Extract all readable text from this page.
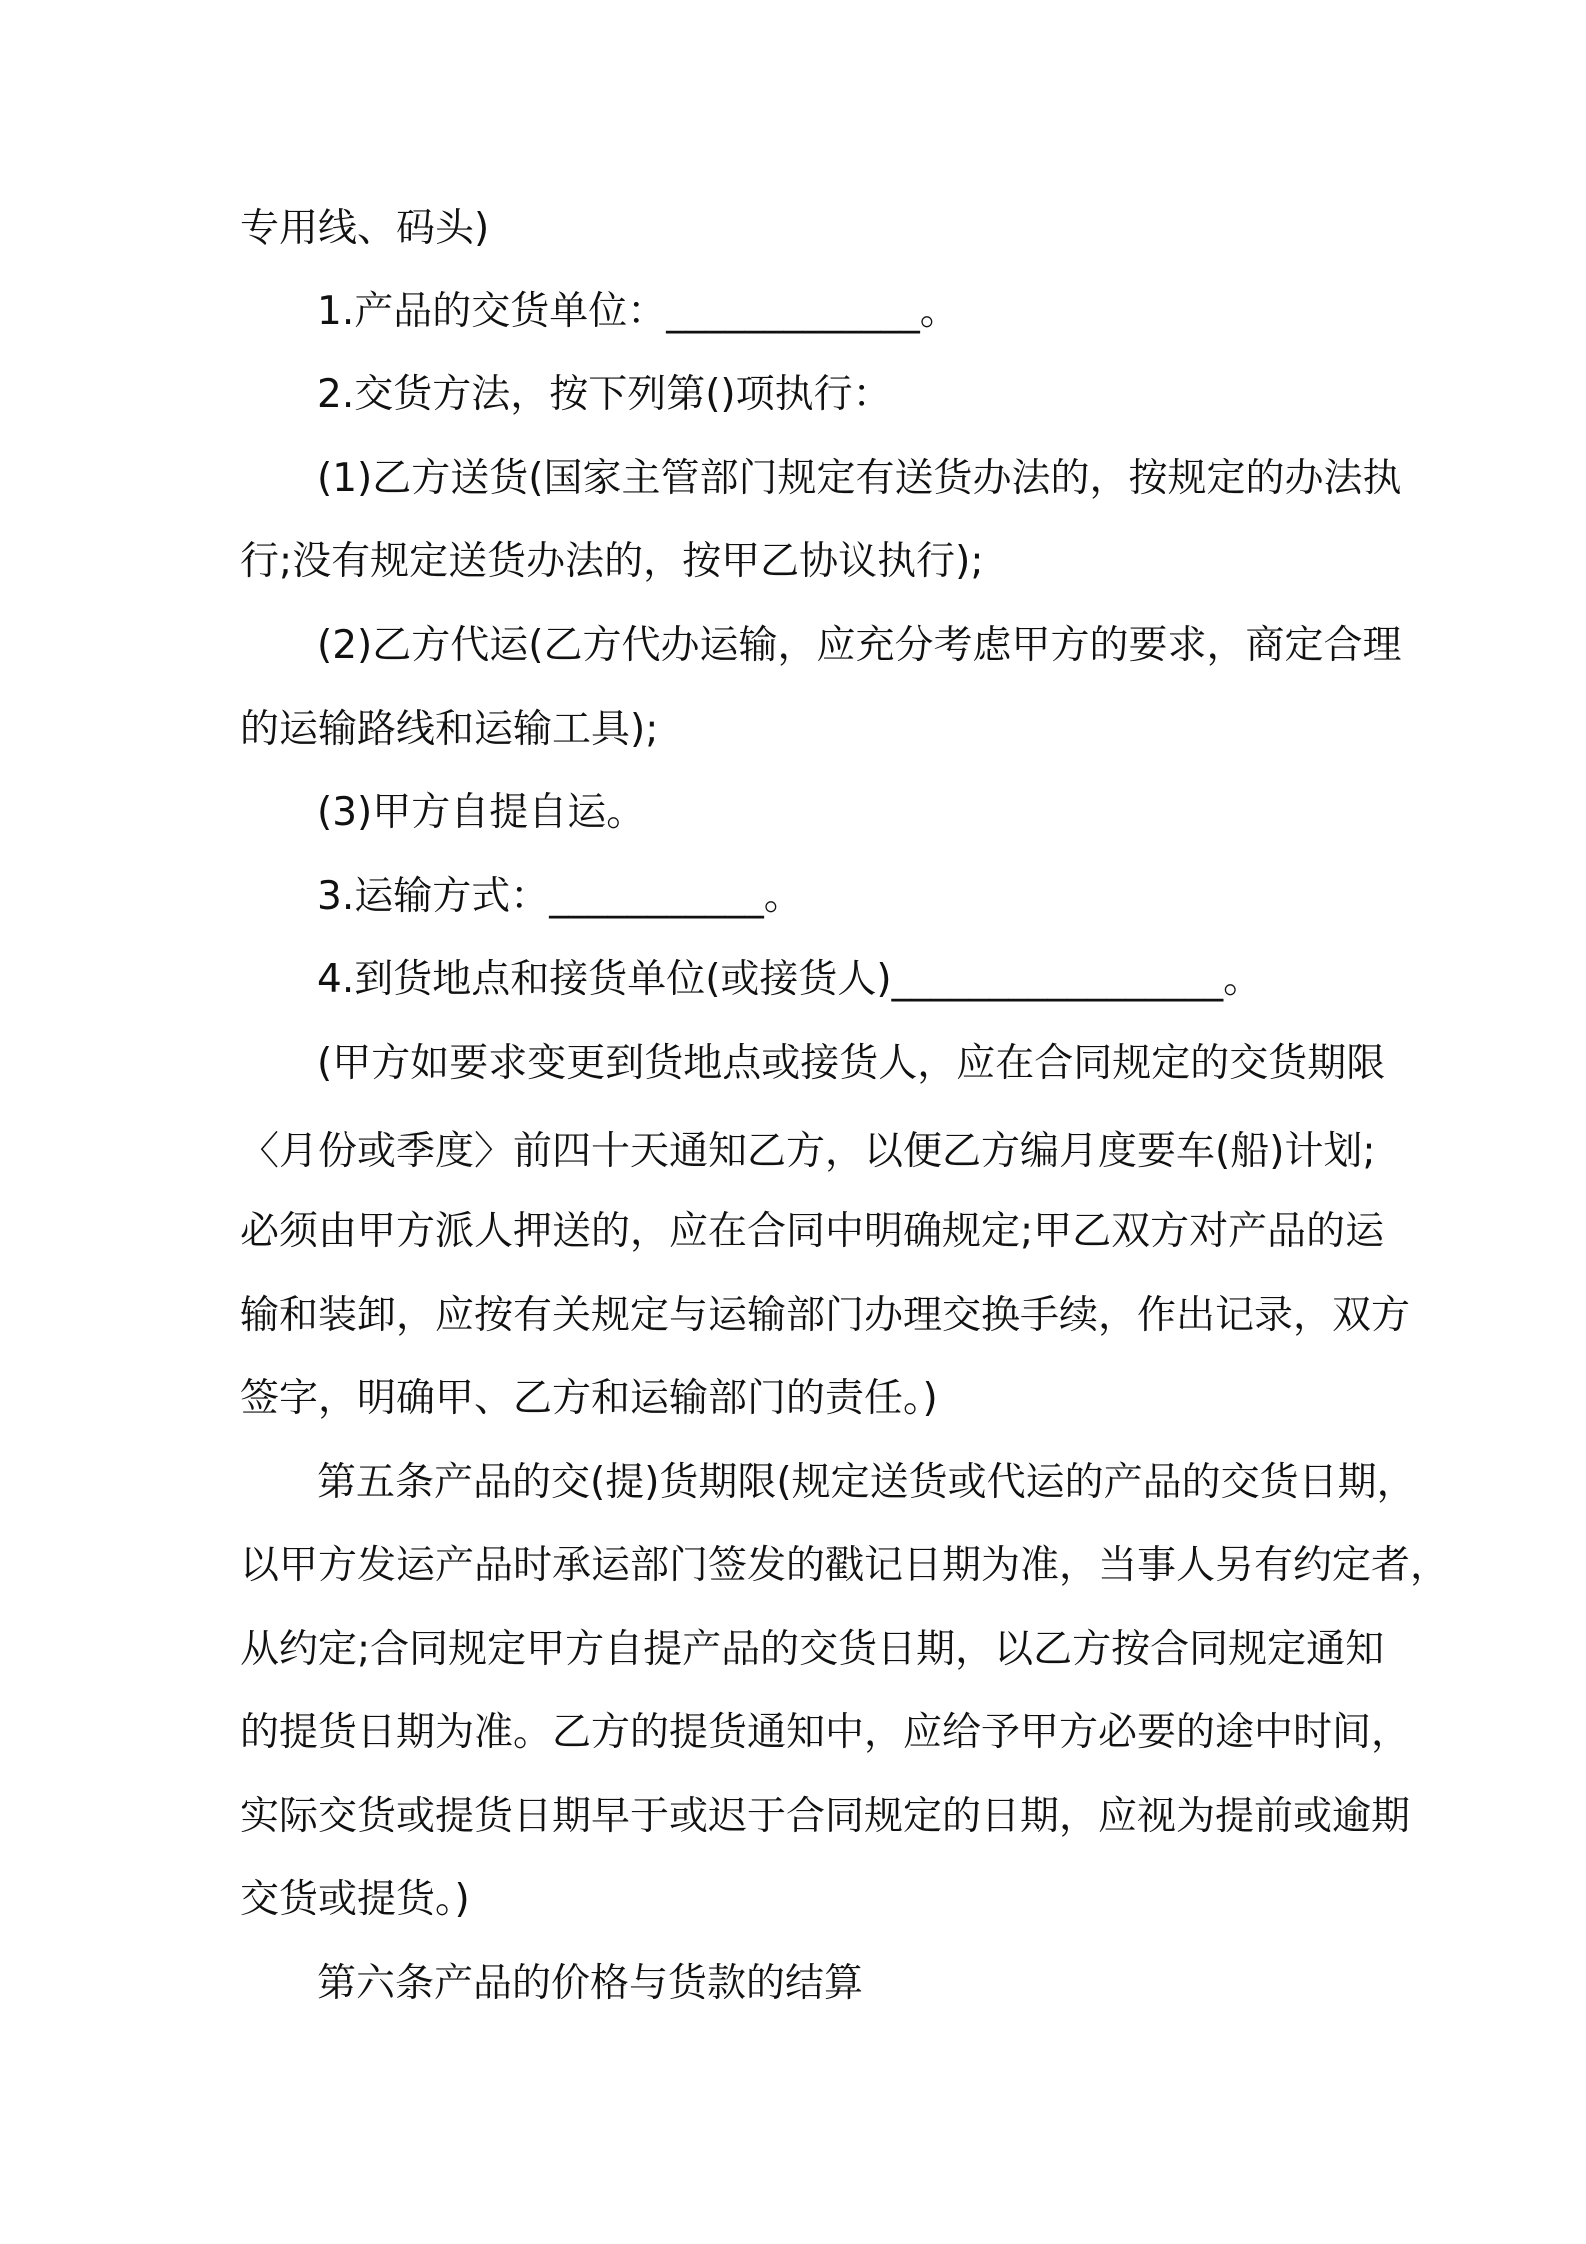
专用线、码头)
1.产品的交货单位：_____________。
2.交货方法，按下列第()项执行：
(1)乙方送货(国家主管部门规定有送货办法的，按规定的办法执
行;没有规定送货办法的，按甲乙协议执行);
(2)乙方代运(乙方代办运输，应充分考虑甲方的要求，商定合理
的运输路线和运输工具);
(3)甲方自提自运。
3.运输方式：___________。
4.到货地点和接货单位(或接货人)_________________。
(甲方如要求变更到货地点或接货人，应在合同规定的交货期限
〈月份或季度〉前四十天通知乙方，以便乙方编月度要车(船)计划;
必须由甲方派人押送的，应在合同中明确规定;甲乙双方对产品的运
输和装卸，应按有关规定与运输部门办理交换手续，作出记录，双方
签字，明确甲、乙方和运输部门的责任。)
第五条产品的交(提)货期限(规定送货或代运的产品的交货日期，
以甲方发运产品时承运部门签发的戳记日期为准，当事人另有约定者，
从约定;合同规定甲方自提产品的交货日期，以乙方按合同规定通知
的提货日期为准。乙方的提货通知中，应给予甲方必要的途中时间，
实际交货或提货日期早于或迟于合同规定的日期，应视为提前或逾期
交货或提货。)
第六条产品的价格与货款的结算
